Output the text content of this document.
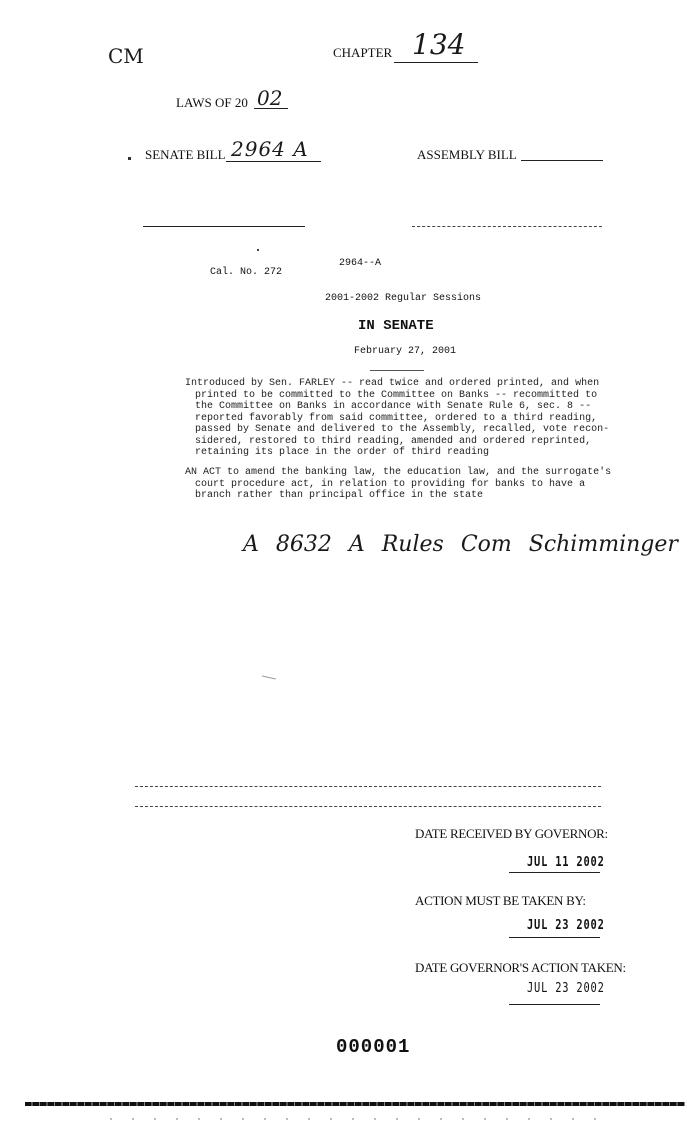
CM	CHAPTER 134
LAWS OF 20 02
SENATE BILL 2964 A	ASSEMBLY BILL
2964--A
Cal. No. 272
2001-2002 Regular Sessions
IN SENATE
February 27, 2001
Introduced by Sen. FARLEY -- read twice and ordered printed, and when
printed to be committed to the Committee on Banks -- recommitted to
the Committee on Banks in accordance with Senate Rule 6, sec. 8 --
reported favorably from said committee, ordered to a third reading,
passed by Senate and delivered to the Assembly, recalled, vote recon-
sidered, restored to third reading, amended and ordered reprinted,
retaining its place in the order of third reading
AN ACT to amend the banking law, the education law, and the surrogate's
court procedure act, in relation to providing for banks to have a
branch rather than principal office in the state
A 8632 A Rules Com Schimminger
DATE RECEIVED BY GOVERNOR:
JUL 11 2002
ACTION MUST BE TAKEN BY:
JUL 23 2002
DATE GOVERNOR'S ACTION TAKEN:
JUL 23 2002
000001
